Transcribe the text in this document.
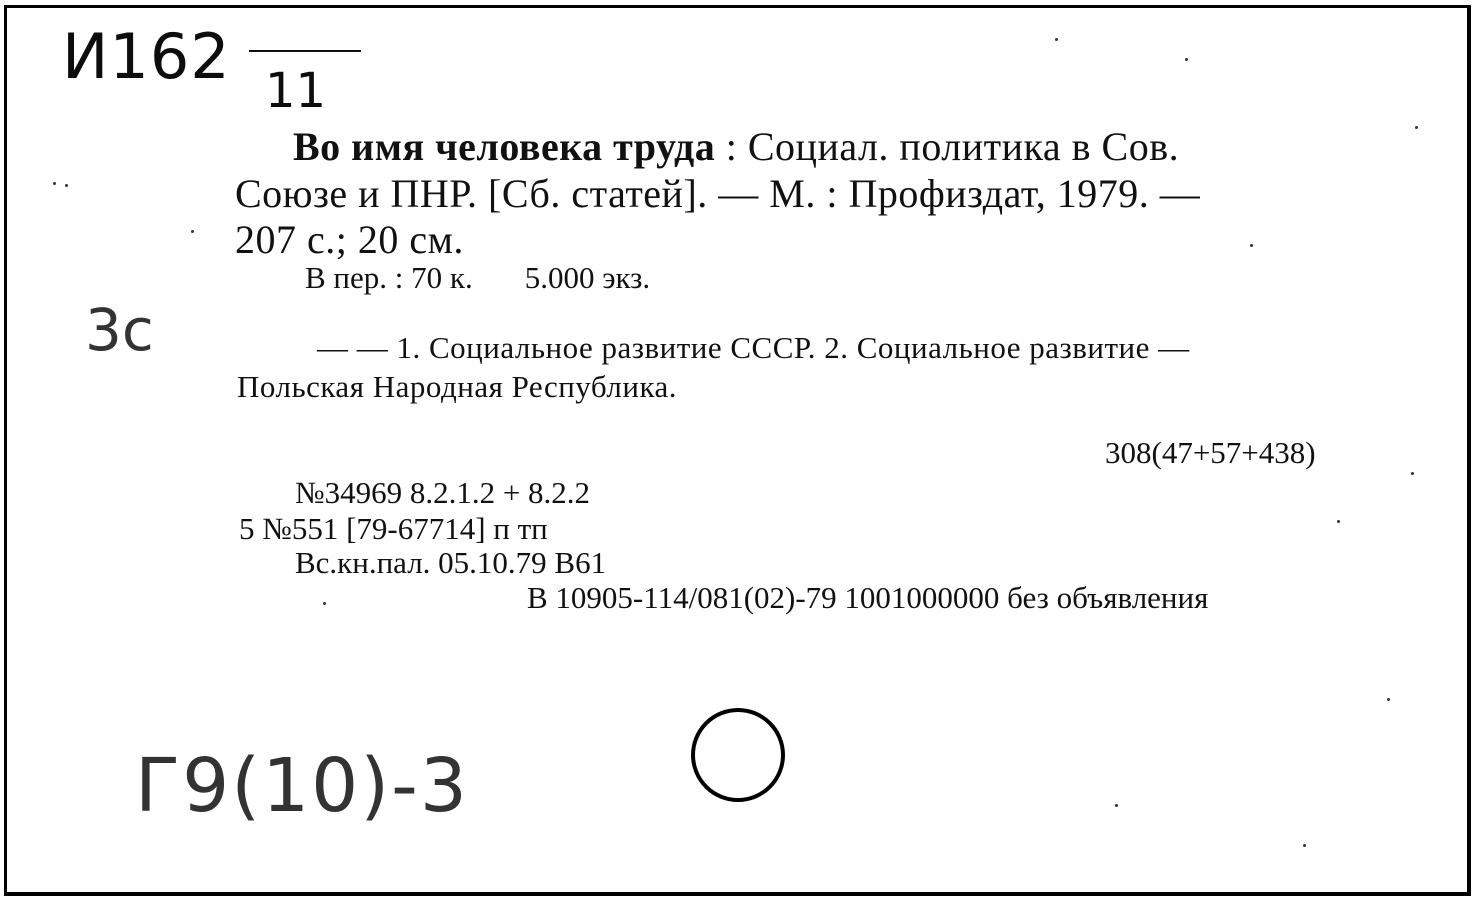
И162 11
Во имя человека труда : Социал. политика в Сов.
Союзе и ПНР. [Сб. статей]. — М. : Профиздат, 1979. —
207 с.; 20 см.
В пер. : 70 к. 5.000 экз.
3с	— — 1. Социальное развитие СССР. 2. Социальное развитие —
Польская Народная Республика.
308(47+57+438)
№34969 8.2.1.2 + 8.2.2
5 №551 [79-67714] п тп
Вс.кн.пал. 05.10.79 В61
В 10905-114/081(02)-79 1001000000 без объявления
Г9(10)-3
